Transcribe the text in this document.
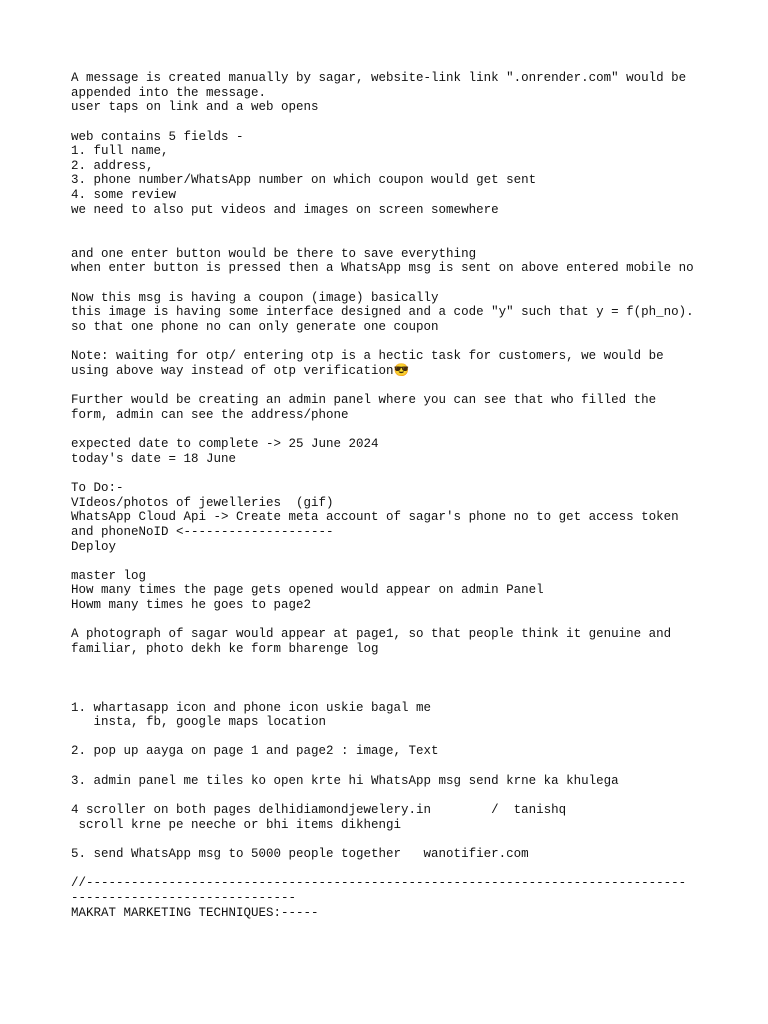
A message is created manually by sagar, website-link link ".onrender.com" would be
appended into the message.
user taps on link and a web opens
web contains 5 fields -
1. full name,
2. address,
3. phone number/WhatsApp number on which coupon would get sent
4. some review
we need to also put videos and images on screen somewhere
and one enter button would be there to save everything
when enter button is pressed then a WhatsApp msg is sent on above entered mobile no
Now this msg is having a coupon (image) basically
this image is having some interface designed and a code "y" such that y = f(ph_no).
so that one phone no can only generate one coupon
Note: waiting for otp/ entering otp is a hectic task for customers, we would be
using above way instead of otp verification😎
Further would be creating an admin panel where you can see that who filled the
form, admin can see the address/phone
expected date to complete -> 25 June 2024
today's date = 18 June
To Do:-
VIdeos/photos of jewelleries  (gif)
WhatsApp Cloud Api -> Create meta account of sagar's phone no to get access token
and phoneNoID <--------------------
Deploy
master log
How many times the page gets opened would appear on admin Panel
Howm many times he goes to page2
A photograph of sagar would appear at page1, so that people think it genuine and
familiar, photo dekh ke form bharenge log
1. whartasapp icon and phone icon uskie bagal me
insta, fb, google maps location
2. pop up aayga on page 1 and page2 : image, Text
3. admin panel me tiles ko open krte hi WhatsApp msg send krne ka khulega
4 scroller on both pages delhidiamondjewelery.in        /  tanishq
scroll krne pe neeche or bhi items dikhengi
5. send WhatsApp msg to 5000 people together   wanotifier.com
//--------------------------------------------------------------------------------
------------------------------
MAKRAT MARKETING TECHNIQUES:-----
